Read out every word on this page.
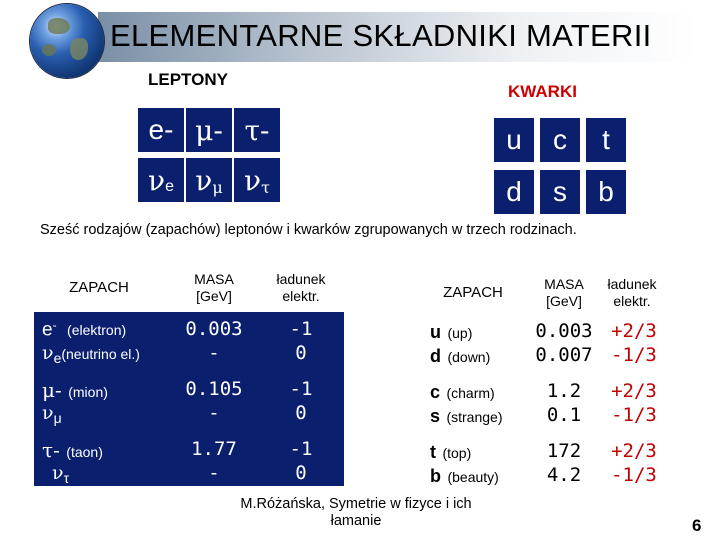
ELEMENTARNE SKŁADNIKI MATERII
LEPTONY
KWARKI
e- μ- τ-
$\nu_e$ $\nu_\mu$ $\nu_\tau$
u c t
d s b
Sześć rodzajów (zapachów) leptonów i kwarków zgrupowanych w trzech rodzinach.
ZAPACH
MASA
[GeV]
ładunek
elektr.
e- (elektron)
$\nu_e(neutrino$ el.)
0.003
-
-1
0
μ- (mion)
$\nu_\mu$
0.105
-
-1
0
τ- (taon)
$\nu_\tau$
1.77
-
-1
0
ZAPACH
MASA
[GeV]
ładunek
elektr.
u (up)
d (down)
0.003
0.007
+2/3
-1/3
c (charm)
s (strange)
1.2
0.1
+2/3
-1/3
t (top)
b (beauty)
172
4.2
+2/3
-1/3
M.Różańska, Symetrie w fizyce i ich
łamanie	6
